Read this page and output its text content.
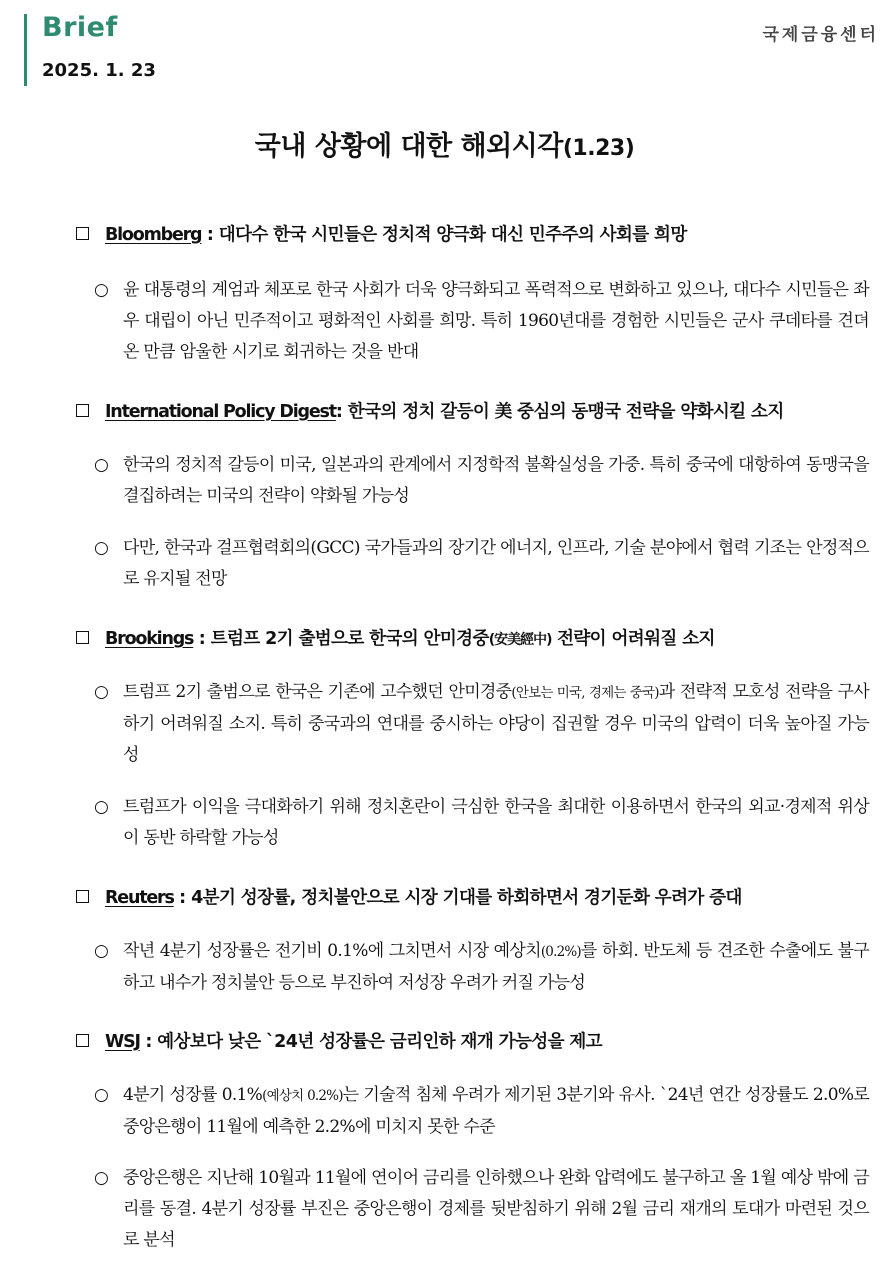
Brief
2025. 1. 23
국제금융센터
국내 상황에 대한 해외시각(1.23)
Bloomberg : 대다수 한국 시민들은 정치적 양극화 대신 민주주의 사회를 희망
○ 윤 대통령의 계엄과 체포로 한국 사회가 더욱 양극화되고 폭력적으로 변화하고 있으나, 대다수 시민들은 좌우 대립이 아닌 민주적이고 평화적인 사회를 희망. 특히 1960년대를 경험한 시민들은 군사 쿠데타를 견뎌온 만큼 암울한 시기로 회귀하는 것을 반대
International Policy Digest: 한국의 정치 갈등이 美 중심의 동맹국 전략을 약화시킬 소지
○ 한국의 정치적 갈등이 미국, 일본과의 관계에서 지정학적 불확실성을 가중. 특히 중국에 대항하여 동맹국을 결집하려는 미국의 전략이 약화될 가능성
○ 다만, 한국과 걸프협력회의(GCC) 국가들과의 장기간 에너지, 인프라, 기술 분야에서 협력 기조는 안정적으로 유지될 전망
Brookings : 트럼프 2기 출범으로 한국의 안미경중(安美經中) 전략이 어려워질 소지
○ 트럼프 2기 출범으로 한국은 기존에 고수했던 안미경중(안보는 미국, 경제는 중국)과 전략적 모호성 전략을 구사하기 어려워질 소지. 특히 중국과의 연대를 중시하는 야당이 집권할 경우 미국의 압력이 더욱 높아질 가능성
○ 트럼프가 이익을 극대화하기 위해 정치혼란이 극심한 한국을 최대한 이용하면서 한국의 외교·경제적 위상이 동반 하락할 가능성
Reuters : 4분기 성장률, 정치불안으로 시장 기대를 하회하면서 경기둔화 우려가 증대
○ 작년 4분기 성장률은 전기비 0.1%에 그치면서 시장 예상치(0.2%)를 하회. 반도체 등 견조한 수출에도 불구하고 내수가 정치불안 등으로 부진하여 저성장 우려가 커질 가능성
WSJ : 예상보다 낮은 `24년 성장률은 금리인하 재개 가능성을 제고
○ 4분기 성장률 0.1%(예상치 0.2%)는 기술적 침체 우려가 제기된 3분기와 유사. `24년 연간 성장률도 2.0%로 중앙은행이 11월에 예측한 2.2%에 미치지 못한 수준
○ 중앙은행은 지난해 10월과 11월에 연이어 금리를 인하했으나 완화 압력에도 불구하고 올 1월 예상 밖에 금리를 동결. 4분기 성장률 부진은 중앙은행이 경제를 뒷받침하기 위해 2월 금리 재개의 토대가 마련된 것으로 분석
